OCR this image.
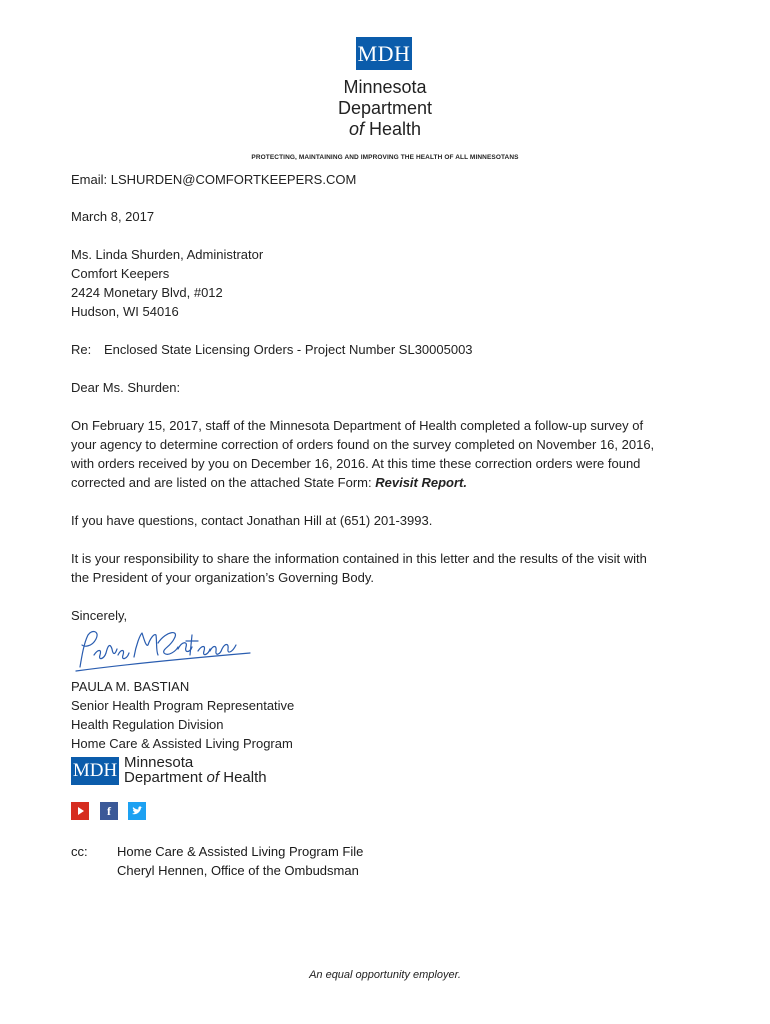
MDH
Minnesota
Department
of Health
PROTECTING, MAINTAINING AND IMPROVING THE HEALTH OF ALL MINNESOTANS
Email: LSHURDEN@COMFORTKEEPERS.COM
March 8, 2017
Ms. Linda Shurden, Administrator
Comfort Keepers
2424 Monetary Blvd, #012
Hudson, WI 54016
Re: Enclosed State Licensing Orders - Project Number SL30005003
Dear Ms. Shurden:
On February 15, 2017, staff of the Minnesota Department of Health completed a follow-up survey of
your agency to determine correction of orders found on the survey completed on November 16, 2016,
with orders received by you on December 16, 2016. At this time these correction orders were found
corrected and are listed on the attached State Form: Revisit Report.
If you have questions, contact Jonathan Hill at (651) 201-3993.
It is your responsibility to share the information contained in this letter and the results of the visit with
the President of your organization’s Governing Body.
Sincerely,
PAULA M. BASTIAN
Senior Health Program Representative
Health Regulation Division
Home Care & Assisted Living Program
MDH Minnesota
Department of Health
f
cc: Home Care & Assisted Living Program File
Cheryl Hennen, Office of the Ombudsman
An equal opportunity employer.
